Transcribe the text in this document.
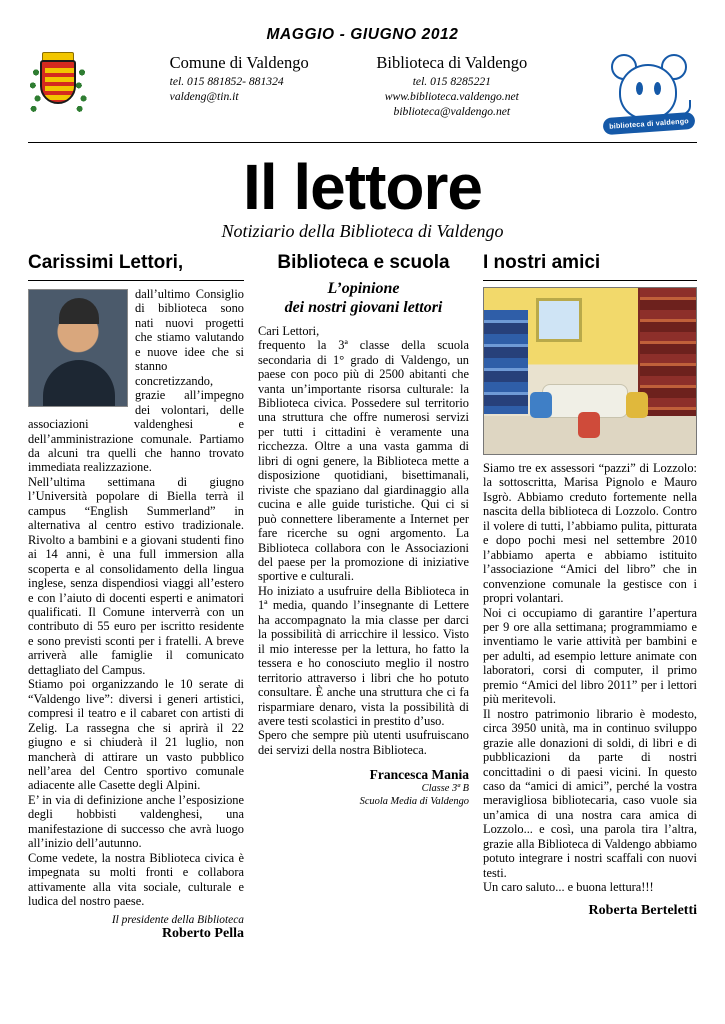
MAGGIO - GIUGNO 2012
Comune di Valdengo
tel. 015 881852- 881324
valdeng@tin.it
Biblioteca di Valdengo
tel. 015 8285221
www.biblioteca.valdengo.net
biblioteca@valdengo.net
biblioteca di valdengo
Il lettore
Notiziario della Biblioteca di Valdengo
Carissimi Lettori,

dall’ultimo Consiglio di biblioteca sono nati nuovi progetti che stiamo valutando e nuove idee che si stanno concretizzando, grazie all’impegno dei volontari, delle associazioni valdenghesi e dell’amministrazione comunale. Partiamo da alcuni tra quelli che hanno trovato immediata realizzazione.

Nell’ultima settimana di giugno l’Università popolare di Biella terrà il campus “English Summerland” in alternativa al centro estivo tradizionale. Rivolto a bambini e a giovani studenti fino ai 14 anni, è una full immersion alla scoperta e al consolidamento della lingua inglese, senza dispendiosi viaggi all’estero e con l’aiuto di docenti esperti e animatori qualificati. Il Comune interverrà con un contributo di 55 euro per iscritto residente e sono previsti sconti per i fratelli. A breve arriverà alle famiglie il comunicato dettagliato del Campus.

Stiamo poi organizzando le 10 serate di “Valdengo live”: diversi i generi artistici, compresi il teatro e il cabaret con artisti di Zelig. La rassegna che si aprirà il 22 giugno e si chiuderà il 21 luglio, non mancherà di attirare un vasto pubblico nell’area del Centro sportivo comunale adiacente alle Casette degli Alpini.

E’ in via di definizione anche l’esposizione degli hobbisti valdenghesi, una manifestazione di successo che avrà luogo all’inizio dell’autunno.

Come vedete, la nostra Biblioteca civica è impegnata su molti fronti e collabora attivamente alla vita sociale, culturale e ludica del nostro paese.

Il presidente della Biblioteca
Roberto Pella
Biblioteca e scuola
L’opinione
dei nostri giovani lettori

Cari Lettori,

frequento la 3ª classe della scuola secondaria di 1° grado di Valdengo, un paese con poco più di 2500 abitanti che vanta un’importante risorsa culturale: la Biblioteca civica. Possedere sul territorio una struttura che offre numerosi servizi per tutti i cittadini è veramente una ricchezza. Oltre a una vasta gamma di libri di ogni genere, la Biblioteca mette a disposizione quotidiani, bisettimanali, riviste che spaziano dal giardinaggio alla cucina e alle guide turistiche. Qui ci si può connettere liberamente a Internet per fare ricerche su ogni argomento. La Biblioteca collabora con le Associazioni del paese per la promozione di iniziative sportive e culturali.

Ho iniziato a usufruire della Biblioteca in 1ª media, quando l’insegnante di Lettere ha accompagnato la mia classe per darci la possibilità di arricchire il lessico. Visto il mio interesse per la lettura, ho fatto la tessera e ho conosciuto meglio il nostro territorio attraverso i libri che ho potuto consultare. È anche una struttura che ci fa risparmiare denaro, vista la possibilità di avere testi scolastici in prestito d’uso.

Spero che sempre più utenti usufruiscano dei servizi della nostra Biblioteca.

Francesca Mania
Classe 3ª B
Scuola Media di Valdengo
I nostri amici

Siamo tre ex assessori “pazzi” di Lozzolo: la sottoscritta, Marisa Pignolo e Mauro Isgrò. Abbiamo creduto fortemente nella nascita della biblioteca di Lozzolo. Contro il volere di tutti, l’abbiamo pulita, pitturata e dopo pochi mesi nel settembre 2010 l’abbiamo aperta e abbiamo istituito l’associazione “Amici del libro” che in convenzione comunale la gestisce con i propri volantari.

Noi ci occupiamo di garantire l’apertura per 9 ore alla settimana; programmiamo e inventiamo le varie attività per bambini e per adulti, ad esempio letture animate con laboratori, corsi di computer, il primo premio “Amici del libro 2011” per i lettori più meritevoli.

Il nostro patrimonio librario è modesto, circa 3950 unità, ma in continuo sviluppo grazie alle donazioni di soldi, di libri e di pubblicazioni da parte di nostri concittadini o di paesi vicini. In questo caso da “amici di amici”, perché la vostra meravigliosa bibliotecaria, caso vuole sia un’amica di una nostra cara amica di Lozzolo... e così, una parola tira l’altra, grazie alla Biblioteca di Valdengo abbiamo potuto integrare i nostri scaffali con nuovi testi.

Un caro saluto... e buona lettura!!!

Roberta Berteletti
